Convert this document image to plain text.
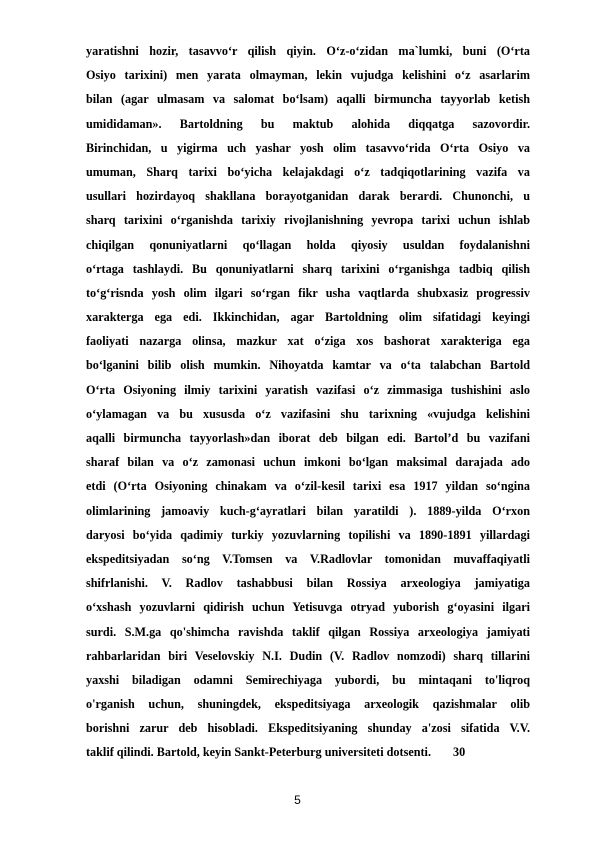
yaratishni hozir, tasavvo‘r qilish qiyin. O‘z-o‘zidan ma`lumki, buni (O‘rta
Osiyo tarixini) men yarata olmayman, lekin vujudga kelishini o‘z asarlarim
bilan (agar ulmasam va salomat bo‘lsam) aqalli birmuncha tayyorlab ketish
umididaman». Bartoldning bu maktub alohida diqqatga sazovordir.
Birinchidan, u yigirma uch yashar yosh olim tasavvo‘rida O‘rta Osiyo va
umuman, Sharq tarixi bo‘yicha kelajakdagi o‘z tadqiqotlarining vazifa va
usullari hozirdayoq shakllana borayotganidan darak berardi. Chunonchi, u
sharq tarixini o‘rganishda tarixiy rivojlanishning yevropa tarixi uchun ishlab
chiqilgan qonuniyatlarni qo‘llagan holda qiyosiy usuldan foydalanishni
o‘rtaga tashlaydi. Bu qonuniyatlarni sharq tarixini o‘rganishga tadbiq qilish
to‘g‘risnda yosh olim ilgari so‘rgan fikr usha vaqtlarda shubxasiz progressiv
xarakterga ega edi. Ikkinchidan, agar Bartoldning olim sifatidagi keyingi
faoliyati nazarga olinsa, mazkur xat o‘ziga xos bashorat xarakteriga ega
bo‘lganini bilib olish mumkin. Nihoyatda kamtar va o‘ta talabchan Bartold
O‘rta Osiyoning ilmiy tarixini yaratish vazifasi o‘z zimmasiga tushishini aslo
o‘ylamagan va bu xususda o‘z vazifasini shu tarixning «vujudga kelishini
aqalli birmuncha tayyorlash»dan iborat deb bilgan edi. Bartol’d bu vazifani
sharaf bilan va o‘z zamonasi uchun imkoni bo‘lgan maksimal darajada ado
etdi (O‘rta Osiyoning chinakam va o‘zil-kesil tarixi esa 1917 yildan so‘ngina
olimlarining jamoaviy kuch-g‘ayratlari bilan yaratildi ). 1889-yilda O‘rxon
daryosi bo‘yida qadimiy turkiy yozuvlarning topilishi va 1890-1891 yillardagi
ekspeditsiyadan so‘ng V.Tomsen va V.Radlovlar tomonidan muvaffaqiyatli
shifrlanishi. V. Radlov tashabbusi bilan Rossiya arxeologiya jamiyatiga
o‘xshash yozuvlarni qidirish uchun Yetisuvga otryad yuborish g‘oyasini ilgari
surdi. S.M.ga qo'shimcha ravishda taklif qilgan Rossiya arxeologiya jamiyati
rahbarlaridan biri Veselovskiy N.I. Dudin (V. Radlov nomzodi) sharq tillarini
yaxshi biladigan odamni Semirechiyaga yubordi, bu mintaqani to'liqroq
o'rganish uchun, shuningdek, ekspeditsiyaga arxeologik qazishmalar olib
borishni zarur deb hisobladi. Ekspeditsiyaning shunday a'zosi sifatida V.V.
taklif qilindi. Bartold, keyin Sankt-Peterburg universiteti dotsenti. 30
5
